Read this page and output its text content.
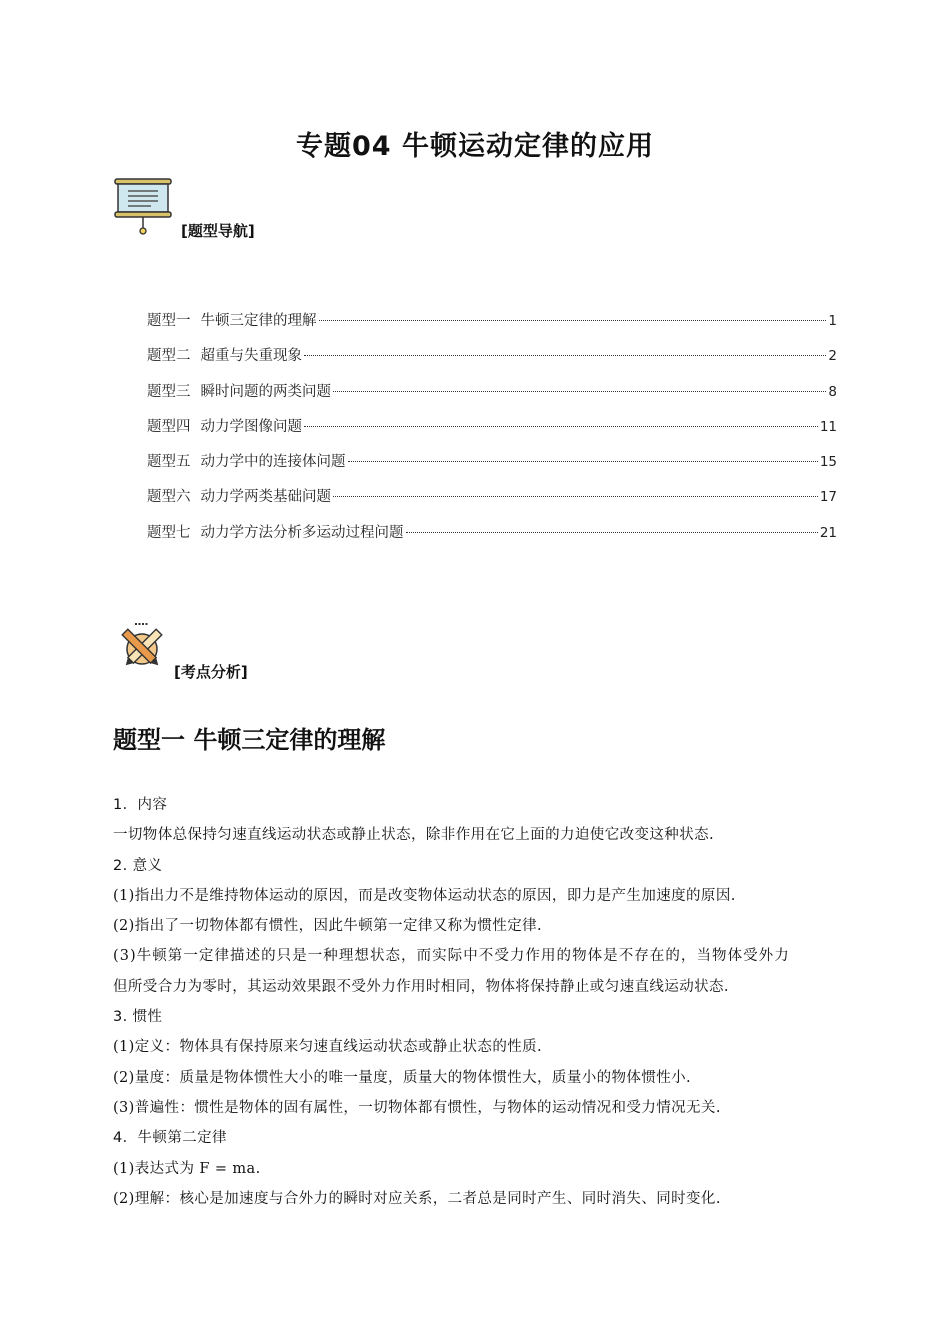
专题04 牛顿运动定律的应用
[题型导航]
题型一 牛顿三定律的理解	1
题型二 超重与失重现象	2
题型三 瞬时问题的两类问题	8
题型四 动力学图像问题	11
题型五 动力学中的连接体问题	15
题型六 动力学两类基础问题	17
题型七 动力学方法分析多运动过程问题	21
[考点分析]
题型一 牛顿三定律的理解
1．内容
一切物体总保持匀速直线运动状态或静止状态，除非作用在它上面的力迫使它改变这种状态.
2. 意义
(1)指出力不是维持物体运动的原因，而是改变物体运动状态的原因，即力是产生加速度的原因.
(2)指出了一切物体都有惯性，因此牛顿第一定律又称为惯性定律.
(3)牛顿第一定律描述的只是一种理想状态，而实际中不受力作用的物体是不存在的，当物体受外力
但所受合力为零时，其运动效果跟不受外力作用时相同，物体将保持静止或匀速直线运动状态.
3. 惯性
(1)定义：物体具有保持原来匀速直线运动状态或静止状态的性质.
(2)量度：质量是物体惯性大小的唯一量度，质量大的物体惯性大，质量小的物体惯性小.
(3)普遍性：惯性是物体的固有属性，一切物体都有惯性，与物体的运动情况和受力情况无关.
4．牛顿第二定律
(1)表达式为 F = ma.
(2)理解：核心是加速度与合外力的瞬时对应关系，二者总是同时产生、同时消失、同时变化.
